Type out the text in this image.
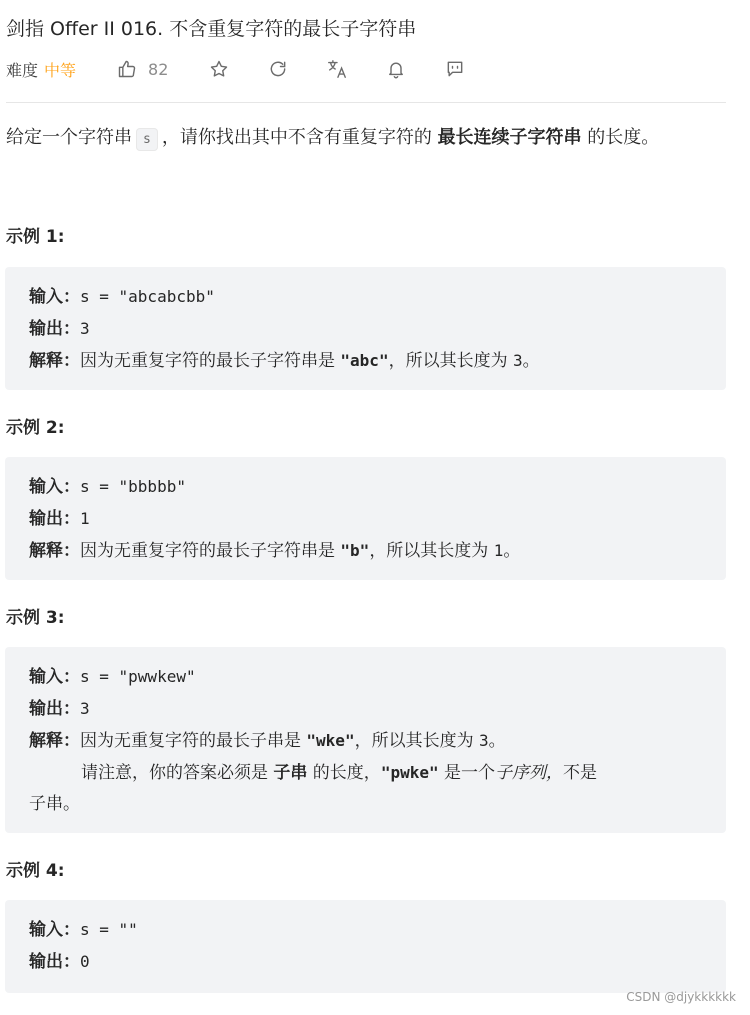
剑指 Offer II 016. 不含重复字符的最长子字符串
难度 中等	82
给定一个字符串 s ，请你找出其中不含有重复字符的 最长连续子字符串 的长度。
示例 1:
输入：s = "abcabcbb"
输出：3
解释：因为无重复字符的最长子字符串是 "abc"，所以其长度为 3。
示例 2:
输入：s = "bbbbb"
输出：1
解释：因为无重复字符的最长子字符串是 "b"，所以其长度为 1。
示例 3:
输入：s = "pwwkew"
输出：3
解释：因为无重复字符的最长子串是 "wke"，所以其长度为 3。
请注意，你的答案必须是 子串 的长度，"pwke" 是一个子序列，不是
子串。
示例 4:
输入：s = ""
输出：0
CSDN @djykkkkkk
